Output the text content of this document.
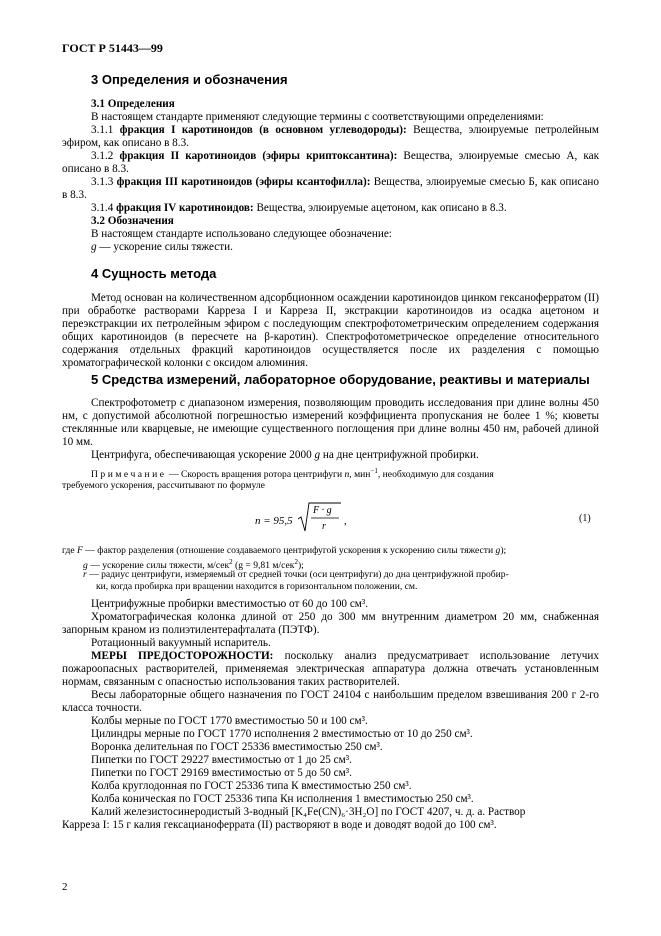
ГОСТ Р 51443—99
3 Определения и обозначения
3.1 Определения
В настоящем стандарте применяют следующие термины с соответствующими определениями:
3.1.1 фракция I каротиноидов (в основном углеводороды): Вещества, элюируемые петролейным эфиром, как описано в 8.3.
3.1.2 фракция II каротиноидов (эфиры криптоксантина): Вещества, элюируемые смесью А, как описано в 8.3.
3.1.3 фракция III каротиноидов (эфиры ксантофилла): Вещества, элюируемые смесью Б, как описано в 8.3.
3.1.4 фракция IV каротиноидов: Вещества, элюируемые ацетоном, как описано в 8.3.
3.2 Обозначения
В настоящем стандарте использовано следующее обозначение:
g — ускорение силы тяжести.
4 Сущность метода
Метод основан на количественном адсорбционном осаждении каротиноидов цинком гексаноферратом (II) при обработке растворами Карреза I и Карреза II, экстракции каротиноидов из осадка ацетоном и переэкстракции их петролейным эфиром с последующим спектрофотометрическим определением содержания общих каротиноидов (в пересчете на β-каротин). Спектрофотометрическое определение относительного содержания отдельных фракций каротиноидов осуществляется после их разделения с помощью хроматографической колонки с оксидом алюминия.
5 Средства измерений, лабораторное оборудование, реактивы и материалы
Спектрофотометр с диапазоном измерения, позволяющим проводить исследования при длине волны 450 нм, с допустимой абсолютной погрешностью измерений коэффициента пропускания не более 1 %; кюветы стеклянные или кварцевые, не имеющие существенного поглощения при длине волны 450 нм, рабочей длиной 10 мм.
Центрифуга, обеспечивающая ускорение 2000 g на дне центрифужной пробирки.
Примечание — Скорость вращения ротора центрифуги n, мин$^{-1}$, необходимую для создания
требуемого ускорения, рассчитывают по формуле
n = 95,5
F · g
r ,	(1)
где F — фактор разделения (отношение создаваемого центрифугой ускорения к ускорению силы тяжести g);
g — ускорение силы тяжести, м/сек$^2$ (g = 9,81 м/сек$^2$);
r — радиус центрифуги, измеряемый от средней точки (оси центрифуги) до дна центрифужной пробир-
ки, когда пробирка при вращении находится в горизонтальном положении, см.
Центрифужные пробирки вместимостью от 60 до 100 см³.
Хроматографическая колонка длиной от 250 до 300 мм внутренним диаметром 20 мм, снабженная запорным краном из полиэтилентерафталата (ПЭТФ).
Ротационный вакуумный испаритель.
МЕРЫ ПРЕДОСТОРОЖНОСТИ: поскольку анализ предусматривает использование летучих пожароопасных растворителей, применяемая электрическая аппаратура должна отвечать установленным нормам, связанным с опасностью использования таких растворителей.
Весы лабораторные общего назначения по ГОСТ 24104 с наибольшим пределом взвешивания 200 г 2-го класса точности.
Колбы мерные по ГОСТ 1770 вместимостью 50 и 100 см³.
Цилиндры мерные по ГОСТ 1770 исполнения 2 вместимостью от 10 до 250 см³.
Воронка делительная по ГОСТ 25336 вместимостью 250 см³.
Пипетки по ГОСТ 29227 вместимостью от 1 до 25 см³.
Пипетки по ГОСТ 29169 вместимостью от 5 до 50 см³.
Колба круглодонная по ГОСТ 25336 типа К вместимостью 250 см³.
Колба коническая по ГОСТ 25336 типа Кн исполнения 1 вместимостью 250 см³.
Калий железистосинеродистый 3-водный [K₄Fe(CN)₆·3H₂O] по ГОСТ 4207, ч. д. а. Раствор
Карреза I: 15 г калия гексацианоферрата (II) растворяют в воде и доводят водой до 100 см³.
2
